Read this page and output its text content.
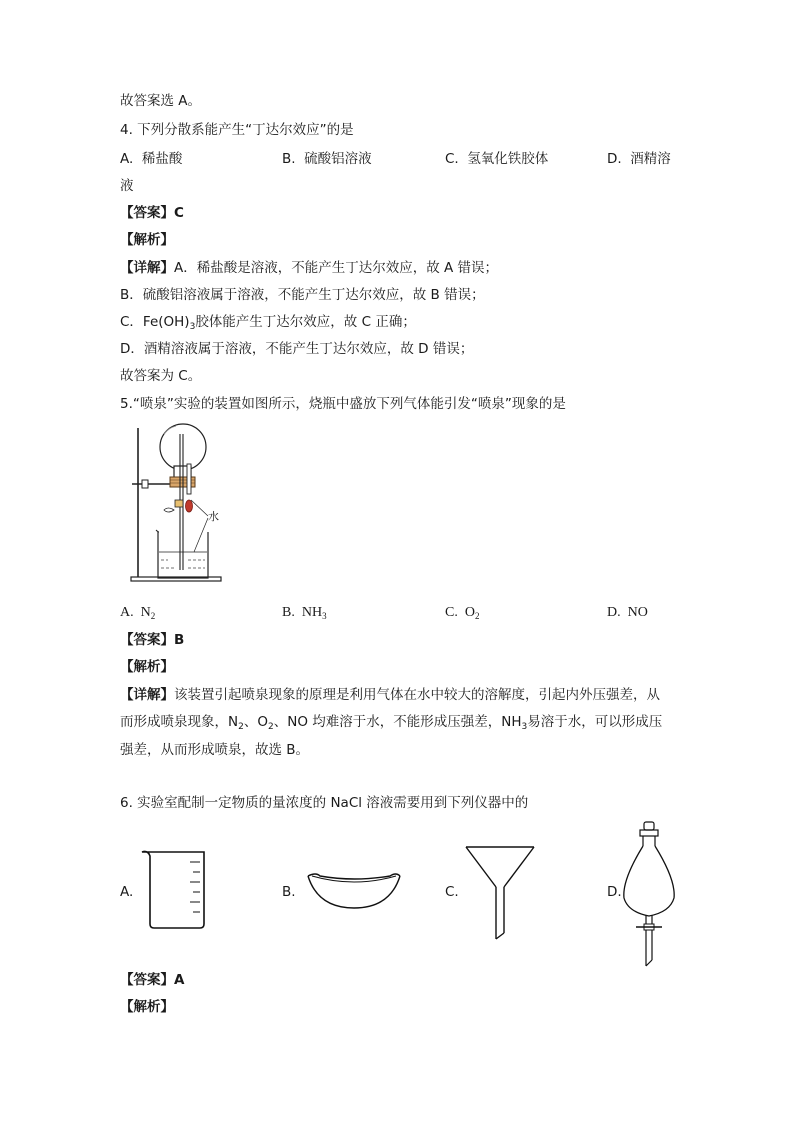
故答案选 A。
4. 下列分散系能产生“丁达尔效应”的是
A. 稀盐酸	B. 硫酸铝溶液	C. 氢氧化铁胶体	D. 酒精溶
液
【答案】C
【解析】
【详解】A．稀盐酸是溶液，不能产生丁达尔效应，故 A 错误；
B．硫酸铝溶液属于溶液，不能产生丁达尔效应，故 B 错误；
C．$Fe(OH)_3$胶体能产生丁达尔效应，故 C 正确；
D．酒精溶液属于溶液，不能产生丁达尔效应，故 D 错误；
故答案为 C。
5.“喷泉”实验的装置如图所示，烧瓶中盛放下列气体能引发“喷泉”现象的是
水
A. $N_2$	B. $NH_3$	C. $O_2$	D. NO
【答案】B
【解析】
【详解】该装置引起喷泉现象的原理是利用气体在水中较大的溶解度，引起内外压强差，从
而形成喷泉现象，$N_2$、$O_2$、NO 均难溶于水，不能形成压强差，$NH_3$易溶于水，可以形成压
强差，从而形成喷泉，故选 B。
6. 实验室配制一定物质的量浓度的 NaCl 溶液需要用到下列仪器中的
A.	B.	C.	D.
【答案】A
【解析】
